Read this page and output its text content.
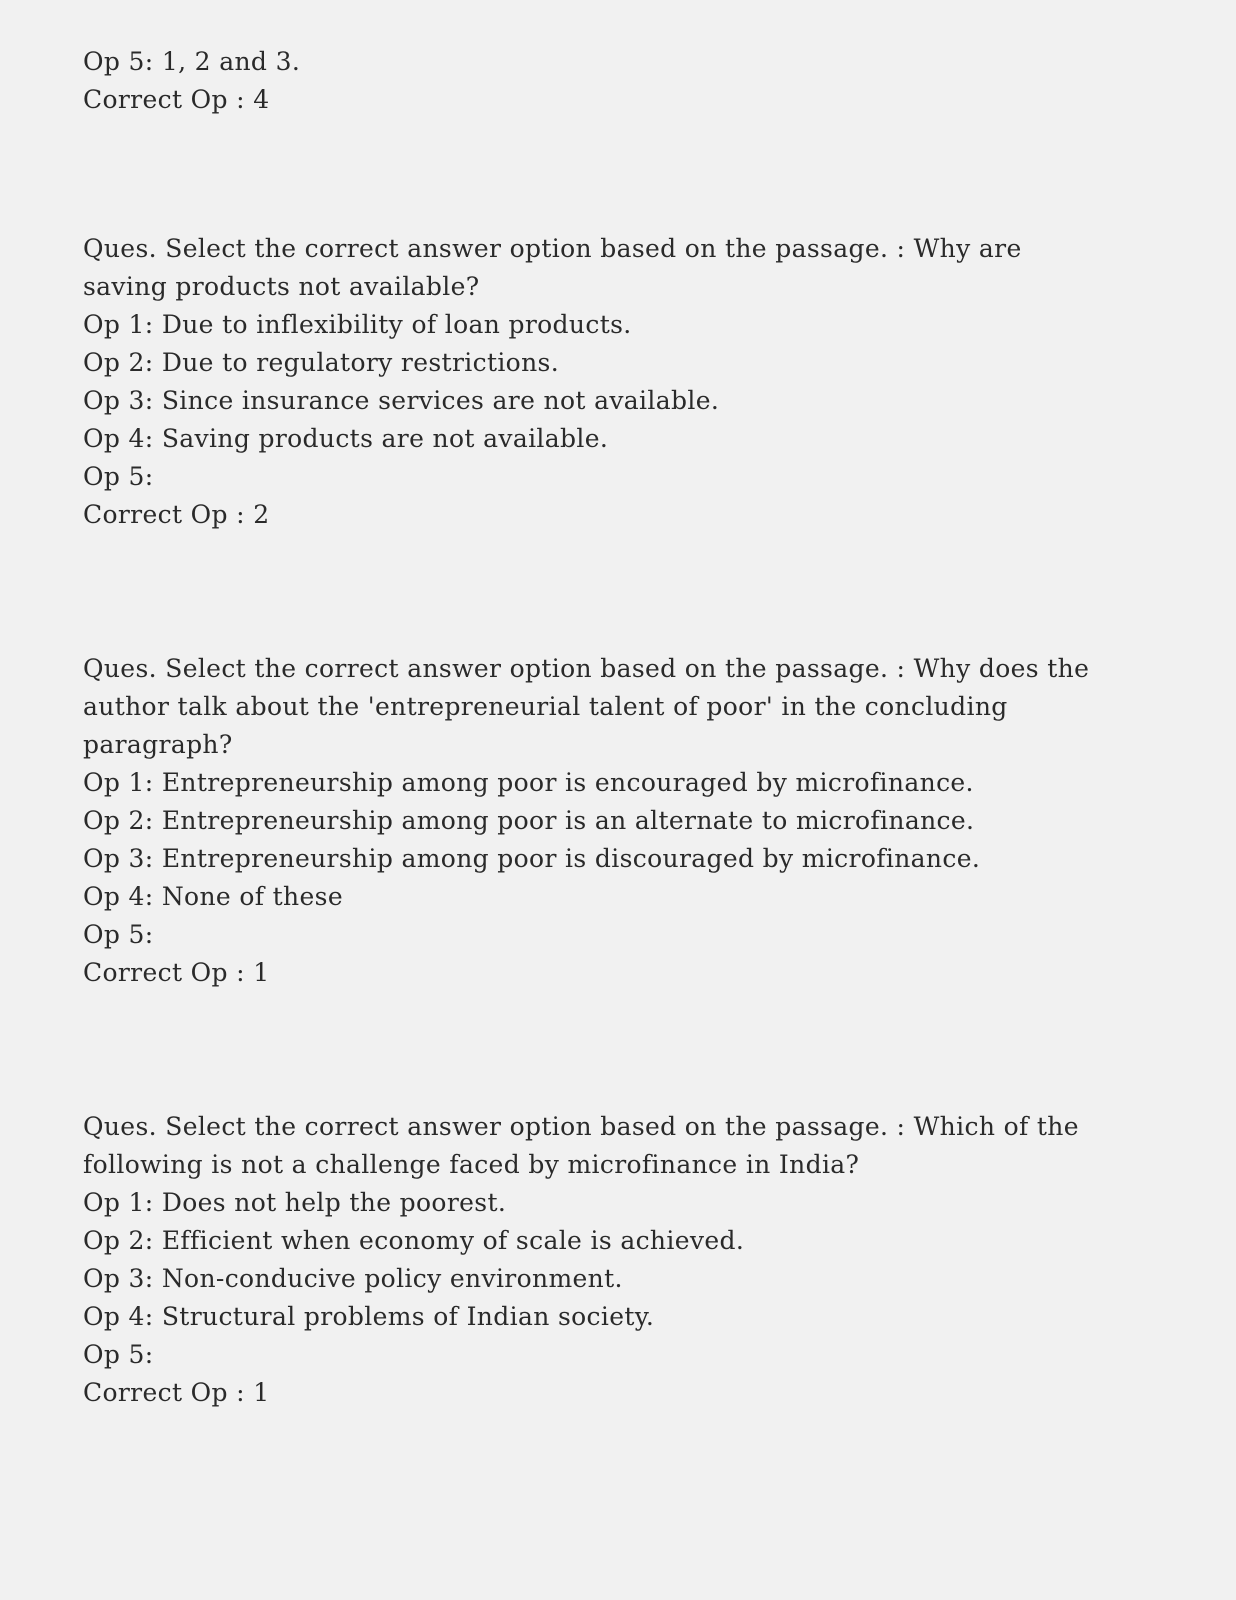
Op 5: 1, 2 and 3.

Correct Op : 4

Ques. Select the correct answer option based on the passage. : Why are

saving products not available?

Op 1: Due to inflexibility of loan products.

Op 2: Due to regulatory restrictions.

Op 3: Since insurance services are not available.

Op 4: Saving products are not available.

Op 5:

Correct Op : 2

Ques. Select the correct answer option based on the passage. : Why does the

author talk about the 'entrepreneurial talent of poor' in the concluding

paragraph?

Op 1: Entrepreneurship among poor is encouraged by microfinance.

Op 2: Entrepreneurship among poor is an alternate to microfinance.

Op 3: Entrepreneurship among poor is discouraged by microfinance.

Op 4: None of these

Op 5:

Correct Op : 1

Ques. Select the correct answer option based on the passage. : Which of the

following is not a challenge faced by microfinance in India?

Op 1: Does not help the poorest.

Op 2: Efficient when economy of scale is achieved.

Op 3: Non-conducive policy environment.

Op 4: Structural problems of Indian society.

Op 5:

Correct Op : 1
